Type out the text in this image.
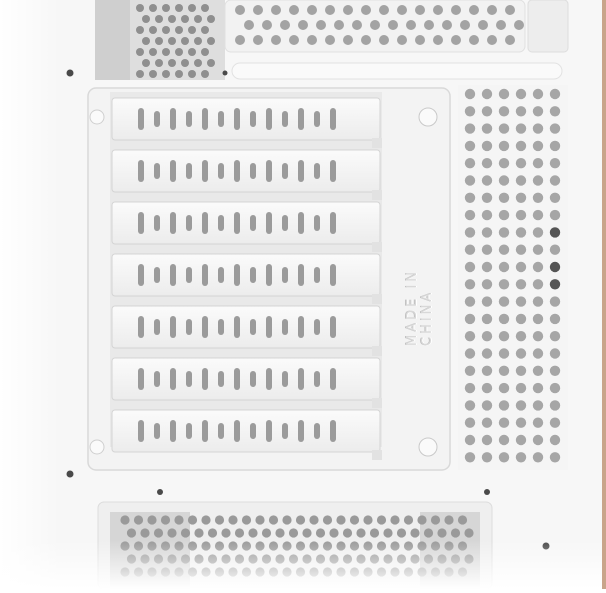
MADE IN CHINA
